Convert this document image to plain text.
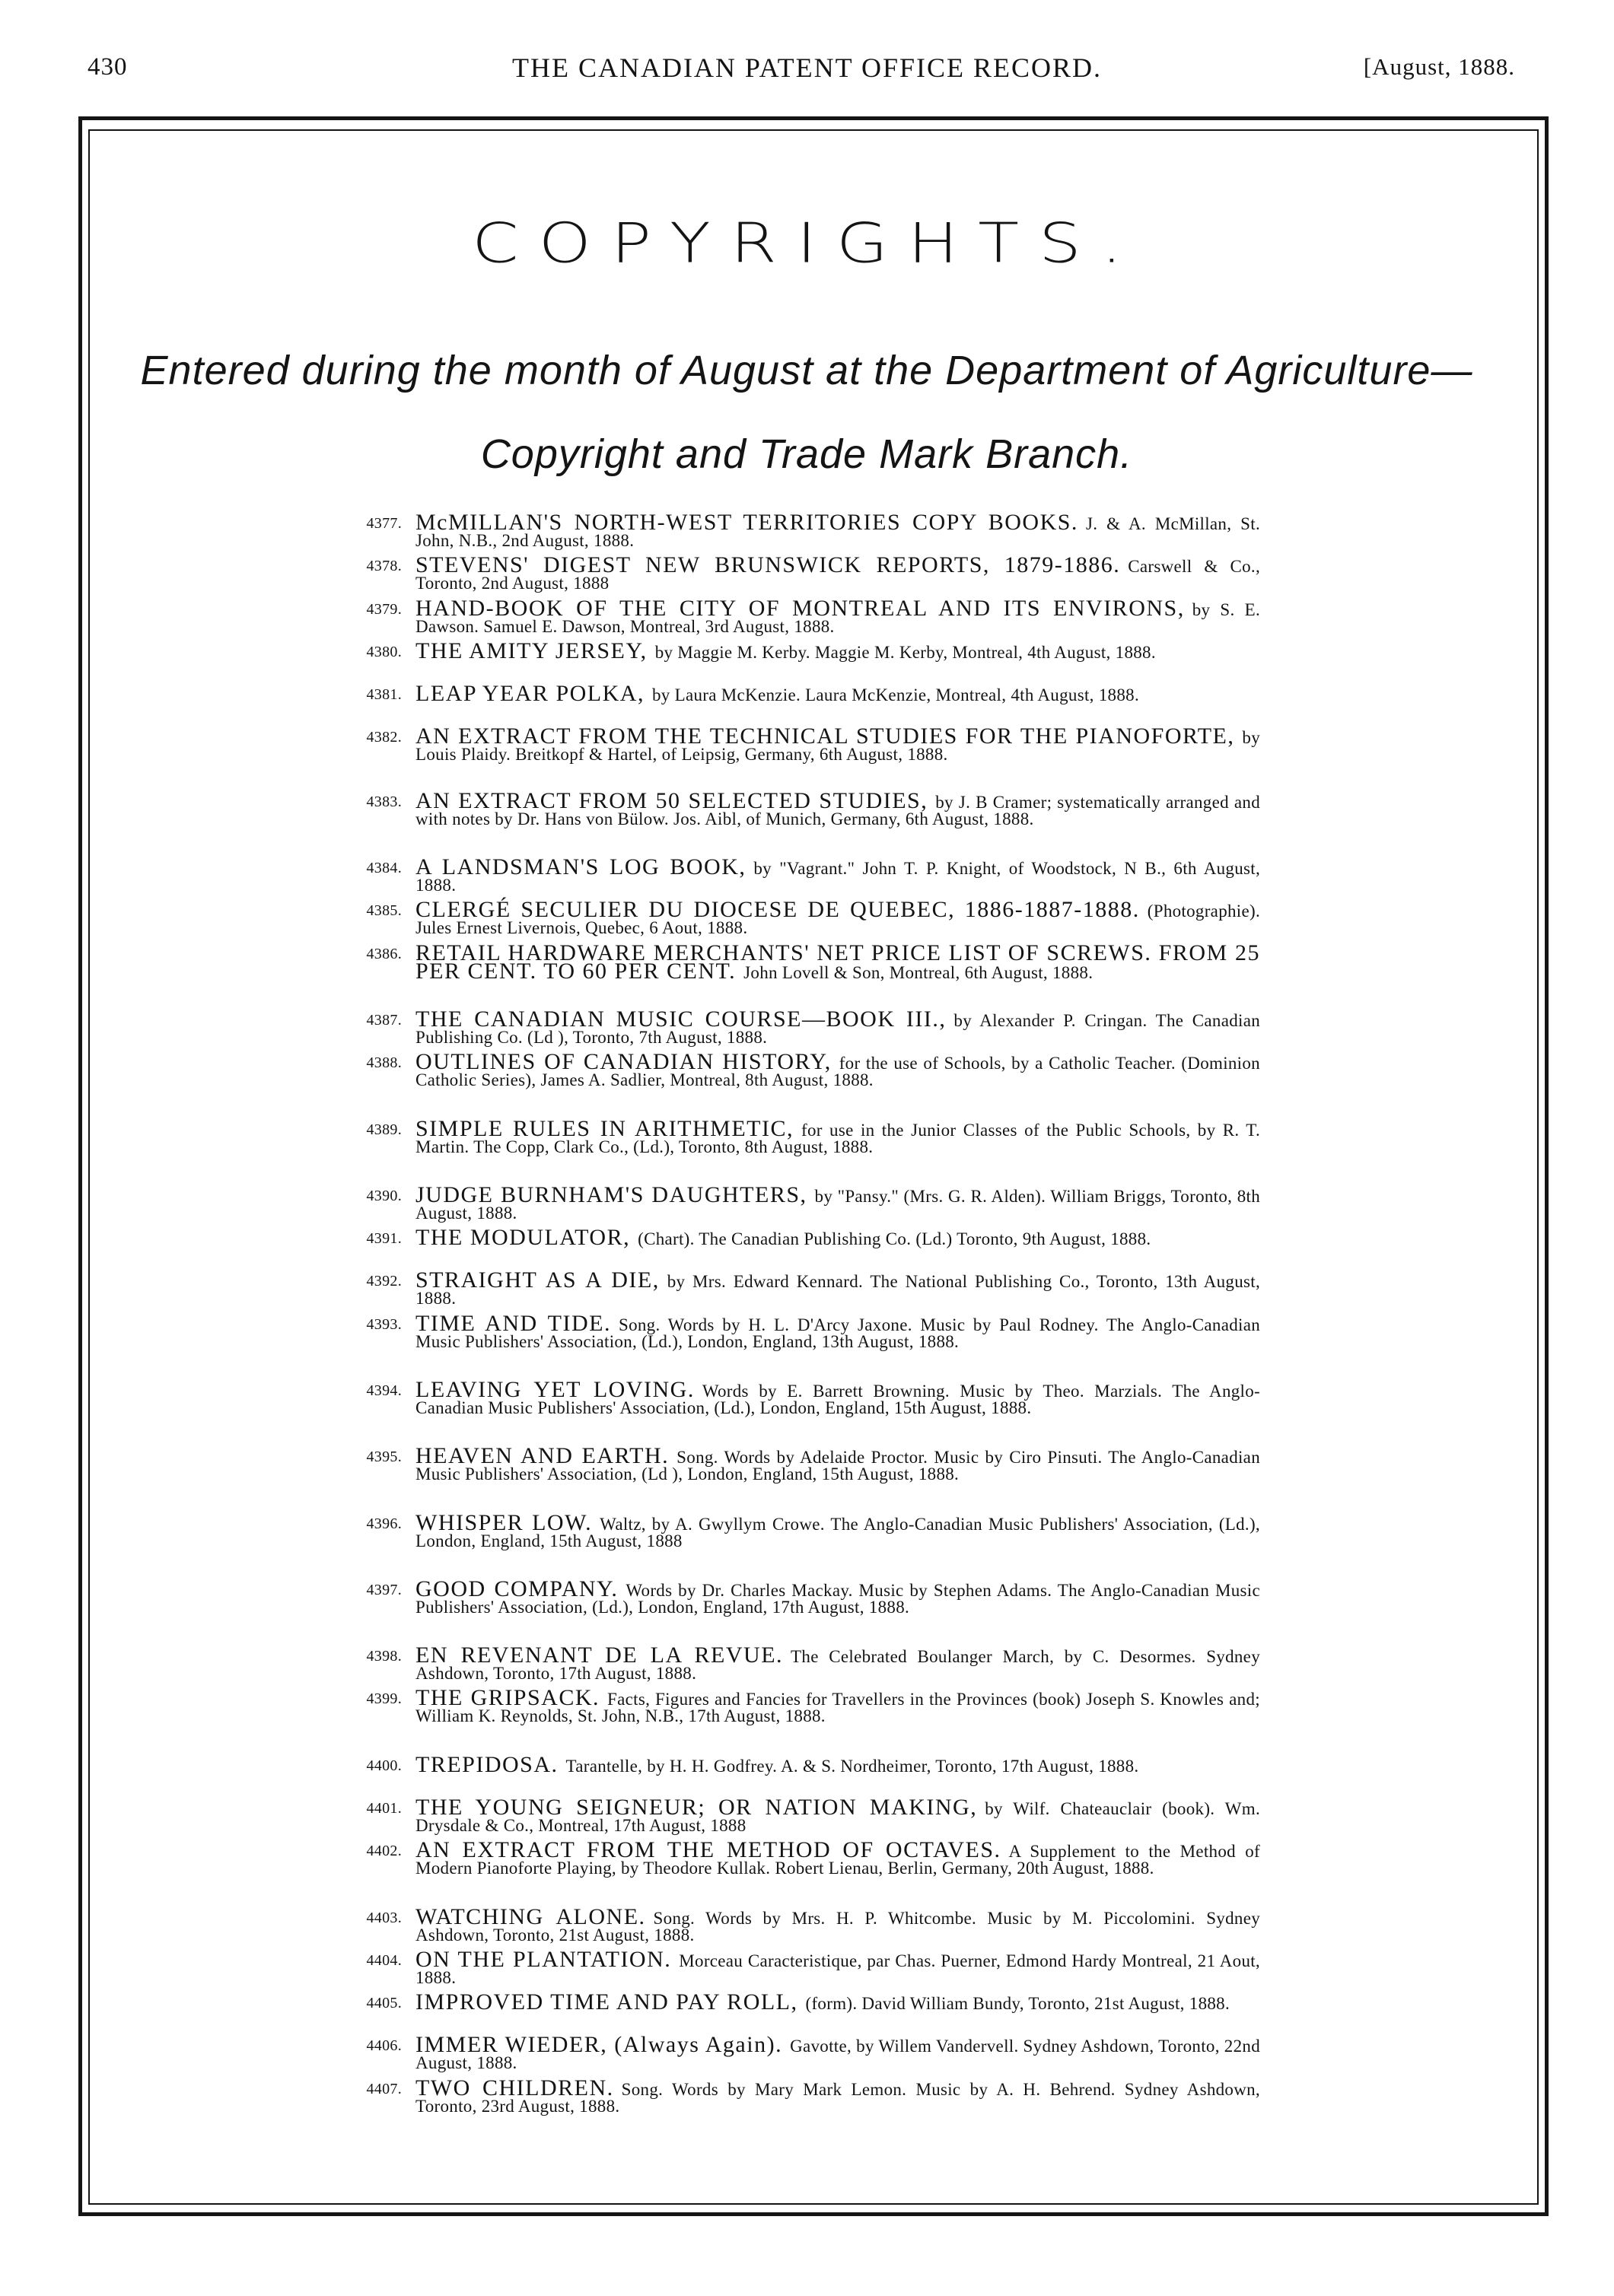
430	THE CANADIAN PATENT OFFICE RECORD.	[August, 1888.
COPYRIGHTS.
Entered during the month of August at the Department of Agriculture—Copyright and Trade Mark Branch.
4377. McMILLAN'S NORTH-WEST TERRITORIES COPY BOOKS. J. & A. McMillan, St. John, N.B., 2nd August, 1888.
4378. STEVENS' DIGEST NEW BRUNSWICK REPORTS, 1879-1886. Carswell & Co., Toronto, 2nd August, 1888
4379. HAND-BOOK OF THE CITY OF MONTREAL AND ITS ENVIRONS, by S. E. Dawson. Samuel E. Dawson, Montreal, 3rd August, 1888.
4380. THE AMITY JERSEY, by Maggie M. Kerby. Maggie M. Kerby, Montreal, 4th August, 1888.
4381. LEAP YEAR POLKA, by Laura McKenzie. Laura McKenzie, Montreal, 4th August, 1888.
4382. AN EXTRACT FROM THE TECHNICAL STUDIES FOR THE PIANOFORTE, by Louis Plaidy. Breitkopf & Hartel, of Leipsig, Germany, 6th August, 1888.
4383. AN EXTRACT FROM 50 SELECTED STUDIES, by J. B Cramer; systematically arranged and with notes by Dr. Hans von Bülow. Jos. Aibl, of Munich, Germany, 6th August, 1888.
4384. A LANDSMAN'S LOG BOOK, by "Vagrant." John T. P. Knight, of Woodstock, N B., 6th August, 1888.
4385. CLERGÉ SECULIER DU DIOCESE DE QUEBEC, 1886-1887-1888. (Photographie). Jules Ernest Livernois, Quebec, 6 Aout, 1888.
4386. RETAIL HARDWARE MERCHANTS' NET PRICE LIST OF SCREWS. FROM 25 PER CENT. TO 60 PER CENT. John Lovell & Son, Montreal, 6th August, 1888.
4387. THE CANADIAN MUSIC COURSE—BOOK III., by Alexander P. Cringan. The Canadian Publishing Co. (Ld ), Toronto, 7th August, 1888.
4388. OUTLINES OF CANADIAN HISTORY, for the use of Schools, by a Catholic Teacher. (Dominion Catholic Series), James A. Sadlier, Montreal, 8th August, 1888.
4389. SIMPLE RULES IN ARITHMETIC, for use in the Junior Classes of the Public Schools, by R. T. Martin. The Copp, Clark Co., (Ld.), Toronto, 8th August, 1888.
4390. JUDGE BURNHAM'S DAUGHTERS, by "Pansy." (Mrs. G. R. Alden). William Briggs, Toronto, 8th August, 1888.
4391. THE MODULATOR, (Chart). The Canadian Publishing Co. (Ld.) Toronto, 9th August, 1888.
4392. STRAIGHT AS A DIE, by Mrs. Edward Kennard. The National Publishing Co., Toronto, 13th August, 1888.
4393. TIME AND TIDE. Song. Words by H. L. D'Arcy Jaxone. Music by Paul Rodney. The Anglo-Canadian Music Publishers' Association, (Ld.), London, England, 13th August, 1888.
4394. LEAVING YET LOVING. Words by E. Barrett Browning. Music by Theo. Marzials. The Anglo-Canadian Music Publishers' Association, (Ld.), London, England, 15th August, 1888.
4395. HEAVEN AND EARTH. Song. Words by Adelaide Proctor. Music by Ciro Pinsuti. The Anglo-Canadian Music Publishers' Association, (Ld ), London, England, 15th August, 1888.
4396. WHISPER LOW. Waltz, by A. Gwyllym Crowe. The Anglo-Canadian Music Publishers' Association, (Ld.), London, England, 15th August, 1888
4397. GOOD COMPANY. Words by Dr. Charles Mackay. Music by Stephen Adams. The Anglo-Canadian Music Publishers' Association, (Ld.), London, England, 17th August, 1888.
4398. EN REVENANT DE LA REVUE. The Celebrated Boulanger March, by C. Desormes. Sydney Ashdown, Toronto, 17th August, 1888.
4399. THE GRIPSACK. Facts, Figures and Fancies for Travellers in the Provinces (book) Joseph S. Knowles and; William K. Reynolds, St. John, N.B., 17th August, 1888.
4400. TREPIDOSA. Tarantelle, by H. H. Godfrey. A. & S. Nordheimer, Toronto, 17th August, 1888.
4401. THE YOUNG SEIGNEUR; OR NATION MAKING, by Wilf. Chateauclair (book). Wm. Drysdale & Co., Montreal, 17th August, 1888
4402. AN EXTRACT FROM THE METHOD OF OCTAVES. A Supplement to the Method of Modern Pianoforte Playing, by Theodore Kullak. Robert Lienau, Berlin, Germany, 20th August, 1888.
4403. WATCHING ALONE. Song. Words by Mrs. H. P. Whitcombe. Music by M. Piccolomini. Sydney Ashdown, Toronto, 21st August, 1888.
4404. ON THE PLANTATION. Morceau Caracteristique, par Chas. Puerner, Edmond Hardy Montreal, 21 Aout, 1888.
4405. IMPROVED TIME AND PAY ROLL, (form). David William Bundy, Toronto, 21st August, 1888.
4406. IMMER WIEDER, (Always Again). Gavotte, by Willem Vandervell. Sydney Ashdown, Toronto, 22nd August, 1888.
4407. TWO CHILDREN. Song. Words by Mary Mark Lemon. Music by A. H. Behrend. Sydney Ashdown, Toronto, 23rd August, 1888.
